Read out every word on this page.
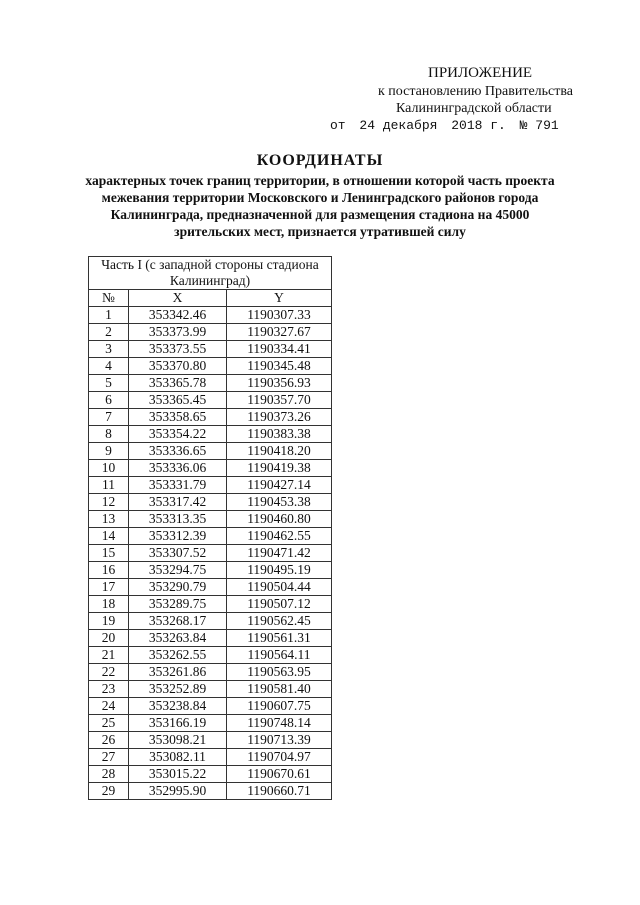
ПРИЛОЖЕНИЕ
к постановлению Правительства
Калининградской области
от 24 декабря 2018 г. № 791
КООРДИНАТЫ
характерных точек границ территории, в отношении которой часть проекта межевания территории Московского и Ленинградского районов города Калининграда, предназначенной для размещения стадиона на 45000 зрительских мест, признается утратившей силу
Часть I (с западной стороны стадиона Калининград)		
№	X	Y
1	353342.46	1190307.33
2	353373.99	1190327.67
3	353373.55	1190334.41
4	353370.80	1190345.48
5	353365.78	1190356.93
6	353365.45	1190357.70
7	353358.65	1190373.26
8	353354.22	1190383.38
9	353336.65	1190418.20
10	353336.06	1190419.38
11	353331.79	1190427.14
12	353317.42	1190453.38
13	353313.35	1190460.80
14	353312.39	1190462.55
15	353307.52	1190471.42
16	353294.75	1190495.19
17	353290.79	1190504.44
18	353289.75	1190507.12
19	353268.17	1190562.45
20	353263.84	1190561.31
21	353262.55	1190564.11
22	353261.86	1190563.95
23	353252.89	1190581.40
24	353238.84	1190607.75
25	353166.19	1190748.14
26	353098.21	1190713.39
27	353082.11	1190704.97
28	353015.22	1190670.61
29	352995.90	1190660.71
